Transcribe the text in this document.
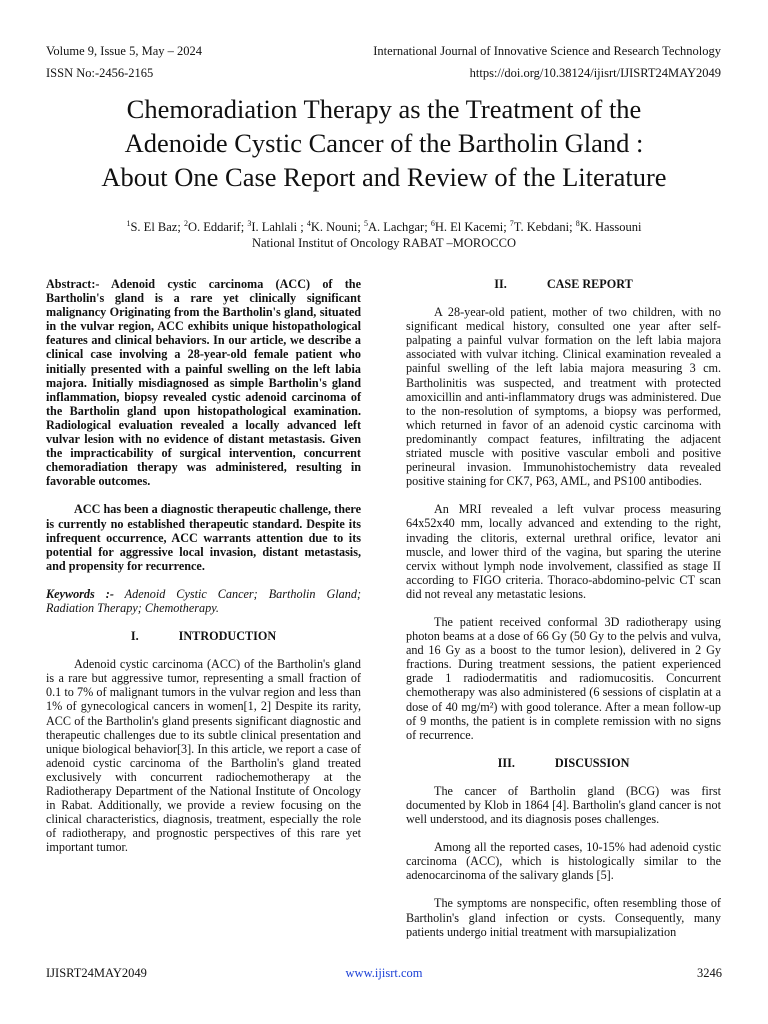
Volume 9, Issue 5, May – 2024	International Journal of Innovative Science and Research Technology
ISSN No:-2456-2165	https://doi.org/10.38124/ijisrt/IJISRT24MAY2049
Chemoradiation Therapy as the Treatment of the
Adenoide Cystic Cancer of the Bartholin Gland :
About One Case Report and Review of the Literature
$^1$S. El Baz; $^2$O. Eddarif; $^3$I. Lahlali ; $^4$K. Nouni; $^5$A. Lachgar; $^6$H. El Kacemi; $^7$T. Kebdani; $^8$K. Hassouni
National Institut of Oncology RABAT –MOROCCO

Abstract:- Adenoid cystic carcinoma (ACC) of the Bartholin's gland is a rare yet clinically significant malignancy Originating from the Bartholin's gland, situated in the vulvar region, ACC exhibits unique histopathological features and clinical behaviors. In our article, we describe a clinical case involving a 28-year-old female patient who initially presented with a painful swelling on the left labia majora. Initially misdiagnosed as simple Bartholin's gland inflammation, biopsy revealed cystic adenoid carcinoma of the Bartholin gland upon histopathological examination. Radiological evaluation revealed a locally advanced left vulvar lesion with no evidence of distant metastasis. Given the impracticability of surgical intervention, concurrent chemoradiation therapy was administered, resulting in favorable outcomes.

ACC has been a diagnostic therapeutic challenge, there is currently no established therapeutic standard. Despite its infrequent occurrence, ACC warrants attention due to its potential for aggressive local invasion, distant metastasis, and propensity for recurrence.

Keywords :- Adenoid Cystic Cancer; Bartholin Gland; Radiation Therapy; Chemotherapy.

I.	INTRODUCTION

Adenoid cystic carcinoma (ACC) of the Bartholin's gland is a rare but aggressive tumor, representing a small fraction of 0.1 to 7% of malignant tumors in the vulvar region and less than 1% of gynecological cancers in women[1, 2] Despite its rarity, ACC of the Bartholin's gland presents significant diagnostic and therapeutic challenges due to its subtle clinical presentation and unique biological behavior[3]. In this article, we report a case of adenoid cystic carcinoma of the Bartholin's gland treated exclusively with concurrent radiochemotherapy at the Radiotherapy Department of the National Institute of Oncology in Rabat. Additionally, we provide a review focusing on the clinical characteristics, diagnosis, treatment, especially the role of radiotherapy, and prognostic perspectives of this rare yet important tumor.

II.	CASE REPORT

A 28-year-old patient, mother of two children, with no significant medical history, consulted one year after self-palpating a painful vulvar formation on the left labia majora associated with vulvar itching. Clinical examination revealed a painful swelling of the left labia majora measuring 3 cm. Bartholinitis was suspected, and treatment with protected amoxicillin and anti-inflammatory drugs was administered. Due to the non-resolution of symptoms, a biopsy was performed, which returned in favor of an adenoid cystic carcinoma with predominantly compact features, infiltrating the adjacent striated muscle with positive vascular emboli and positive perineural invasion. Immunohistochemistry data revealed positive staining for CK7, P63, AML, and PS100 antibodies.

An MRI revealed a left vulvar process measuring 64x52x40 mm, locally advanced and extending to the right, invading the clitoris, external urethral orifice, levator ani muscle, and lower third of the vagina, but sparing the uterine cervix without lymph node involvement, classified as stage II according to FIGO criteria. Thoraco-abdomino-pelvic CT scan did not reveal any metastatic lesions.

The patient received conformal 3D radiotherapy using photon beams at a dose of 66 Gy (50 Gy to the pelvis and vulva, and 16 Gy as a boost to the tumor lesion), delivered in 2 Gy fractions. During treatment sessions, the patient experienced grade 1 radiodermatitis and radiomucositis. Concurrent chemotherapy was also administered (6 sessions of cisplatin at a dose of 40 mg/m²) with good tolerance. After a mean follow-up of 9 months, the patient is in complete remission with no signs of recurrence.

III.	DISCUSSION

The cancer of Bartholin gland (BCG) was first documented by Klob in 1864 [4]. Bartholin's gland cancer is not well understood, and its diagnosis poses challenges.

Among all the reported cases, 10-15% had adenoid cystic carcinoma (ACC), which is histologically similar to the adenocarcinoma of the salivary glands [5].

The symptoms are nonspecific, often resembling those of Bartholin's gland infection or cysts. Consequently, many patients undergo initial treatment with marsupialization

IJISRT24MAY2049	www.ijisrt.com	3246
